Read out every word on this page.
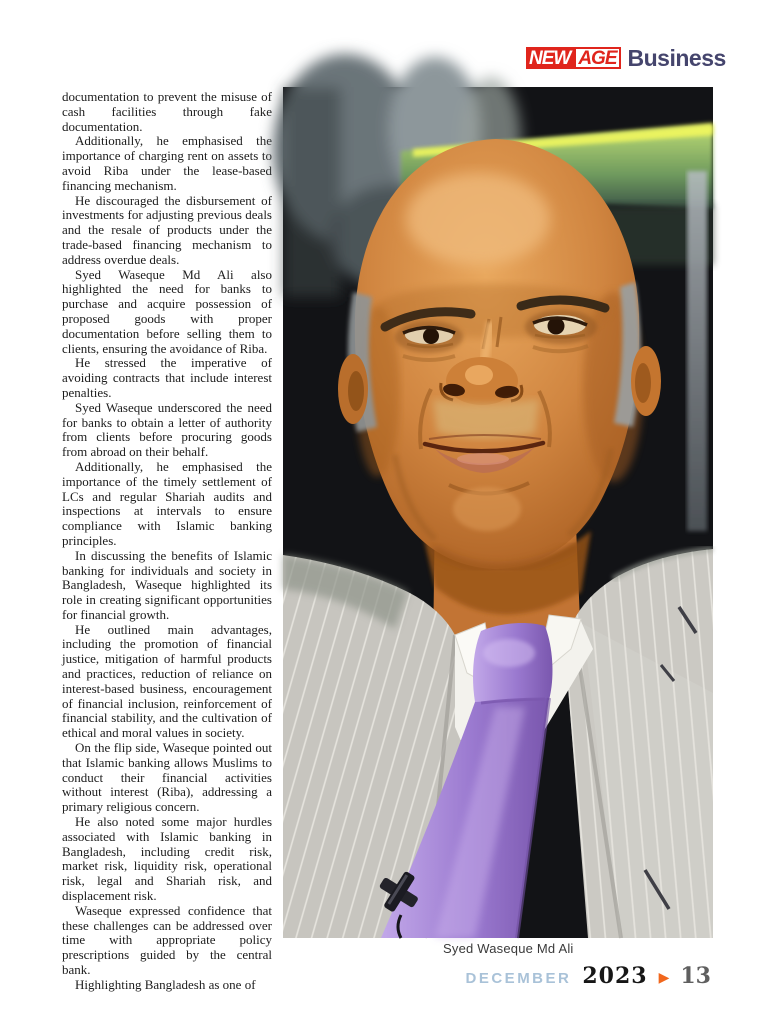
NEW AGE Business

documentation to prevent the misuse of cash facilities through fake documentation.

Additionally, he emphasised the importance of charging rent on assets to avoid Riba under the lease-based financing mechanism.

He discouraged the disbursement of investments for adjusting previous deals and the resale of products under the trade-based financing mechanism to address overdue deals.

Syed Waseque Md Ali also highlighted the need for banks to purchase and acquire possession of proposed goods with proper documentation before selling them to clients, ensuring the avoidance of Riba.

He stressed the imperative of avoiding contracts that include interest penalties.

Syed Waseque underscored the need for banks to obtain a letter of authority from clients before procuring goods from abroad on their behalf.

Additionally, he emphasised the importance of the timely settlement of LCs and regular Shariah audits and inspections at intervals to ensure compliance with Islamic banking principles.

In discussing the benefits of Islamic banking for individuals and society in Bangladesh, Waseque highlighted its role in creating significant opportunities for financial growth.

He outlined main advantages, including the promotion of financial justice, mitigation of harmful products and practices, reduction of reliance on interest-based business, encouragement of financial inclusion, reinforcement of financial stability, and the cultivation of ethical and moral values in society.

On the flip side, Waseque pointed out that Islamic banking allows Muslims to conduct their financial activities without interest (Riba), addressing a primary religious concern.

He also noted some major hurdles associated with Islamic banking in Bangladesh, including credit risk, market risk, liquidity risk, operational risk, legal and Shariah risk, and displacement risk.

Waseque expressed confidence that these challenges can be addressed over time with appropriate policy prescriptions guided by the central bank.

Highlighting Bangladesh as one of

Syed Waseque Md Ali
DECEMBER 2023 ▶ 13
